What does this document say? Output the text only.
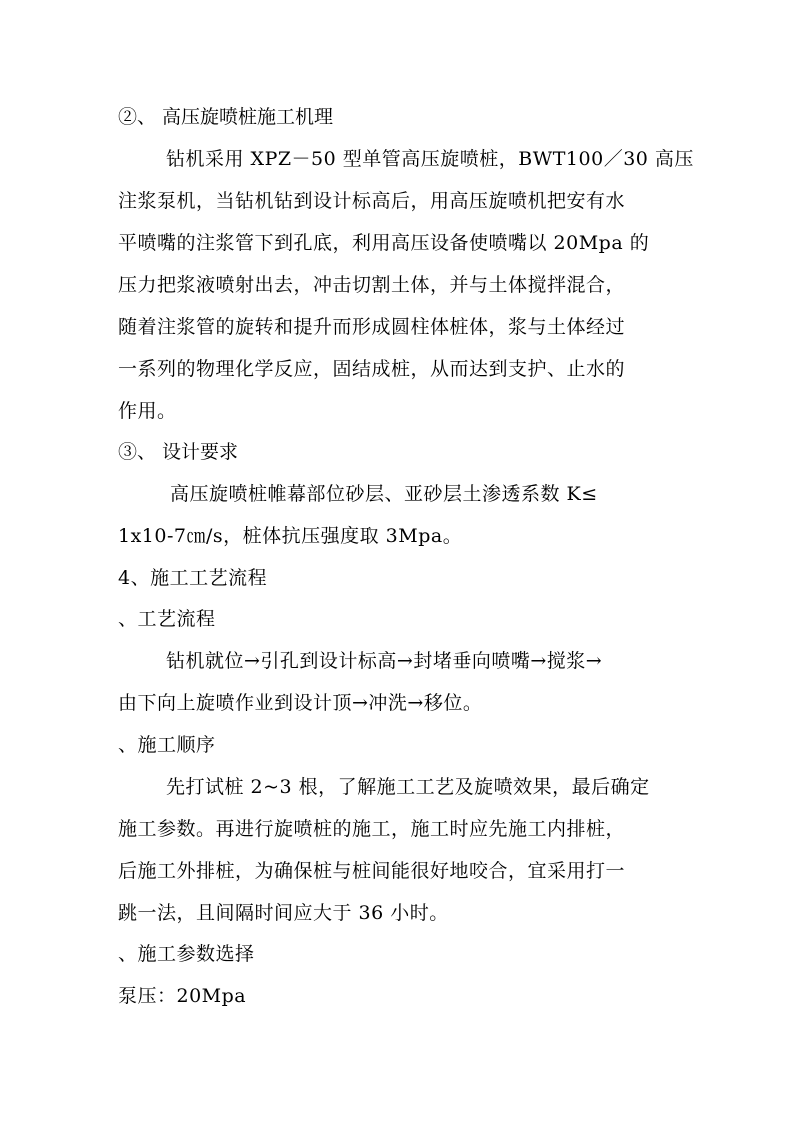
②、 高压旋喷桩施工机理
钻机采用 XPZ－50 型单管高压旋喷桩，BWT100／30 高压
注浆泵机，当钻机钻到设计标高后，用高压旋喷机把安有水
平喷嘴的注浆管下到孔底，利用高压设备使喷嘴以 20Mpa 的
压力把浆液喷射出去，冲击切割土体，并与土体搅拌混合，
随着注浆管的旋转和提升而形成圆柱体桩体，浆与土体经过
一系列的物理化学反应，固结成桩，从而达到支护、止水的
作用。
③、 设计要求
高压旋喷桩帷幕部位砂层、亚砂层土渗透系数 K≤
1x10-7㎝/s，桩体抗压强度取 3Mpa。
4、施工工艺流程
、工艺流程
钻机就位→引孔到设计标高→封堵垂向喷嘴→搅浆→
由下向上旋喷作业到设计顶→冲洗→移位。
、施工顺序
先打试桩 2~3 根，了解施工工艺及旋喷效果，最后确定
施工参数。再进行旋喷桩的施工，施工时应先施工内排桩，
后施工外排桩，为确保桩与桩间能很好地咬合，宜采用打一
跳一法，且间隔时间应大于 36 小时。
、施工参数选择
泵压：20Mpa
